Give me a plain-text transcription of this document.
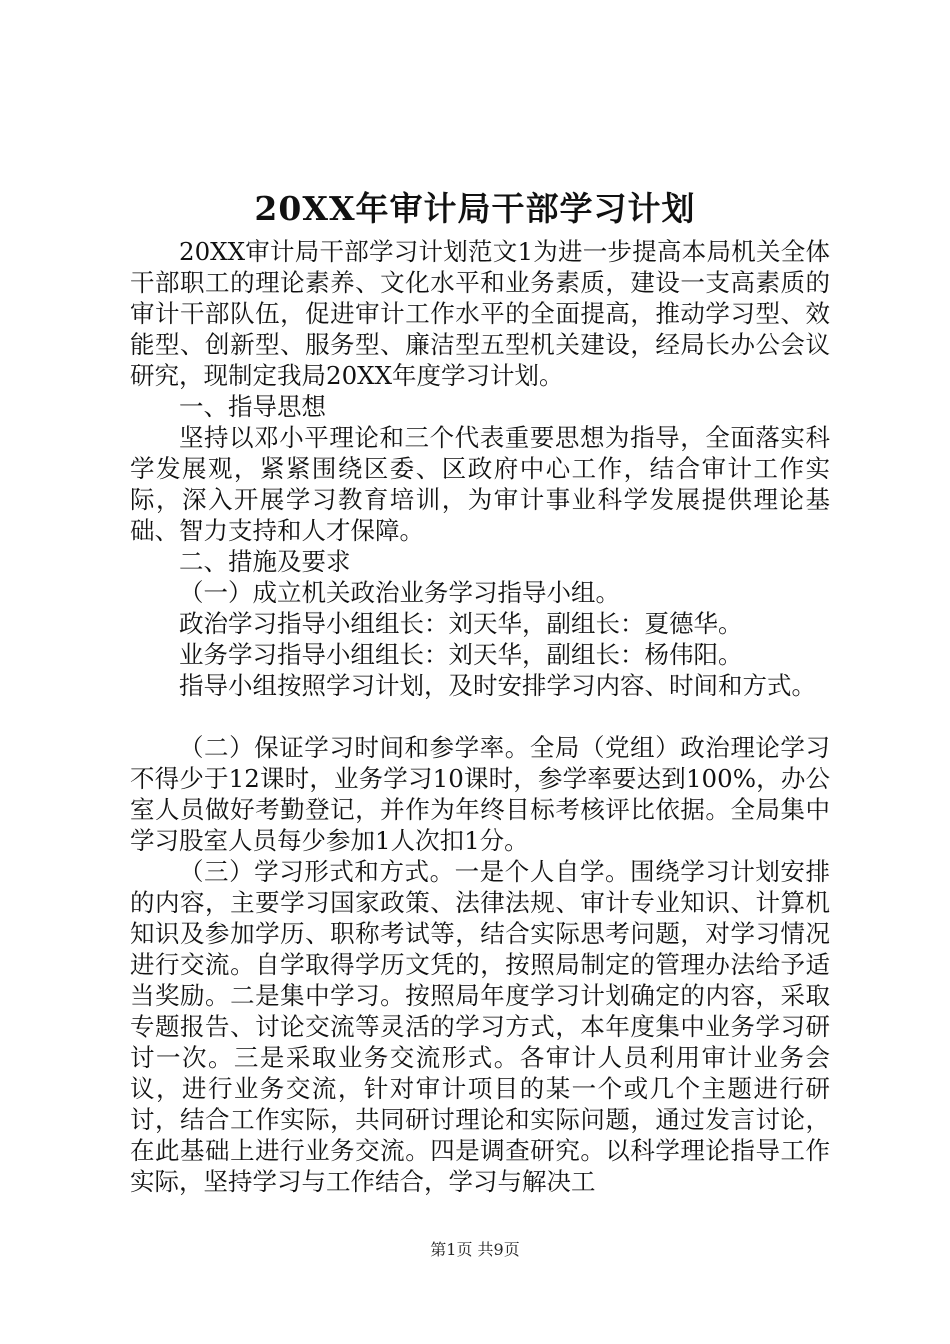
20XX年审计局干部学习计划

20XX审计局干部学习计划范文1为进一步提高本局机关全体干部职工的理论素养、文化水平和业务素质，建设一支高素质的审计干部队伍，促进审计工作水平的全面提高，推动学习型、效能型、创新型、服务型、廉洁型五型机关建设，经局长办公会议研究，现制定我局20XX年度学习计划。

一、指导思想

坚持以邓小平理论和三个代表重要思想为指导，全面落实科学发展观，紧紧围绕区委、区政府中心工作，结合审计工作实际，深入开展学习教育培训，为审计事业科学发展提供理论基础、智力支持和人才保障。

二、措施及要求

（一）成立机关政治业务学习指导小组。

政治学习指导小组组长：刘天华，副组长：夏德华。

业务学习指导小组组长：刘天华，副组长：杨伟阳。

指导小组按照学习计划，及时安排学习内容、时间和方式。

（二）保证学习时间和参学率。全局（党组）政治理论学习不得少于12课时，业务学习10课时，参学率要达到100%，办公室人员做好考勤登记，并作为年终目标考核评比依据。全局集中学习股室人员每少参加1人次扣1分。

（三）学习形式和方式。一是个人自学。围绕学习计划安排的内容，主要学习国家政策、法律法规、审计专业知识、计算机知识及参加学历、职称考试等，结合实际思考问题，对学习情况进行交流。自学取得学历文凭的，按照局制定的管理办法给予适当奖励。二是集中学习。按照局年度学习计划确定的内容，采取专题报告、讨论交流等灵活的学习方式，本年度集中业务学习研讨一次。三是采取业务交流形式。各审计人员利用审计业务会议，进行业务交流，针对审计项目的某一个或几个主题进行研讨，结合工作实际，共同研讨理论和实际问题，通过发言讨论，在此基础上进行业务交流。四是调查研究。以科学理论指导工作实际，坚持学习与工作结合，学习与解决工

第1页 共9页
